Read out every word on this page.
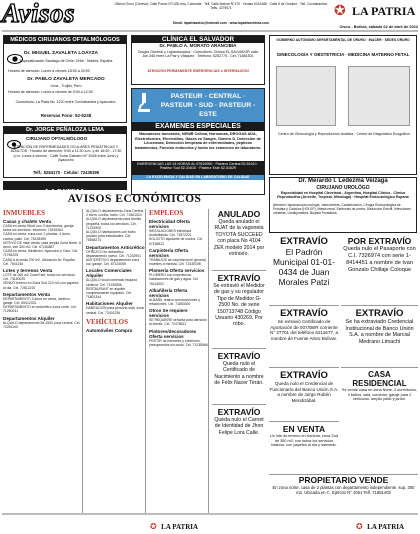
Avisos	Oficina Oruro (Central): Calle Potosí N°1430 esq. Colombia · Telf. Calle Bolívar N°470 · Ventas 5242488 · Calle 6 de Octubre · Telf. Cochabamba: Telfs. 4279571
Email: lapatriaaviso@hotmail.com · www.lapatriaenlinea.com
✪ LA PATRIA
Oruro - Bolivia, sábado 02 de abril de 2022
MÉDICOS CIRUJANOS OFTALMÓLOGOS
Dr. MIGUEL ZAVALETA LOAYZA
Especialización Santiago de Chile, Chile · Madrid, España
Horario de atención: Lunes a viernes 18:00 a 20:00
Dr. PABLO ZAVALETA MERCADO
Lima - Trujillo, Perú
Horario de atención: Lunes a viernes de 9:00 a 12:00
Consultorio: La Plata No. 1220 entre Cochabamba y Ayacucho.
Reservas Fono: 52-5238
Dr. JORGE PEÑALOZA LEMA
CIRUJANO OFTALMÓLOGO
ATENCIÓN DE ENFERMEDADES OCULARES PEDIÁTRICAS Y ADULTOS · Horario de atención: 9:00 a 11:30 a.m. y de 16:00 - 17:30 p.m. Lunes a viernes · Calle Soria Galvarro N° 6345 entre Junín y Ayacucho
Telf.: 5284170 · Celular: 72435399
LA PATRIA
CLÍNICA EL SALVADOR
Dr. PABLO A. MORATO ARANCIBIA
Cirugía General y Laparoscópica · Consultorio: Clínica EL SALVADOR calle Jun 348 entre La Paz y Vásquez · Teléfono: 5252775 - Cel: 71881501
ATENCIÓN PERMANENTE EMERGENCIAS e INTERNACIÓN
PASTEUR - CENTRAL · PASTEUR - SUD · PASTEUR - ESTE
EXÁMENES ESPECIALES
Marcadores tumorales, NEWB Cellma, Hormonas, DROGAS ADA, Electroforesis, Electrolitos, Gases en Sangre, Dímero D, Detección de Leucemias, Detección temprana de enfermedades, pépticos tratamientos, Función endocrina y todos los exámenes de laboratorio.
EMERGENCIAS LAS 24 HORAS AL 67819050 · Pasteur Central 52-51610 · Pasteur Sud 52-31610 · Pasteur Este 52-51629
LA EXCELENCIA Y CALIDAD EN LABORATORIO DE CALIDAD
GOBIERNO AUTÓNOMO DEPARTAMENTAL DE ORURO · INACER · SEDES ORURO
GINECOLOGÍA Y OBSTETRICIA · MEDICINA MATERNO FETAL
Centro de Ginecología y Reproducción Asistida · Centro de Diagnóstico Ecográfico
Dr. Merardo I. Ledezma Veizaga
CIRUJANO UROLÓGO
Especialidad en Hospital Cleveland - Argentina, Hospital Clínico - Clínica Reproductiva (Arrecife, Tropical, Miroduga) · Hospital Endourológico Espana
Atención: laparoscopía urología, vasectomías, Cauterización, Cirugía Endourológica de Próstata y Calculos (HOLEP), litiasis renal, Estenosis de uretra, Disfunción Eréctil, Infecciones urinarias, Uroflujometría, Biopsia Prostática.
AVISOS ECONÓMICOS
INMUEBLES
Casas y chalets Venta
CASA en venta 96m2 con 3 dormitorios, garaje, todos los servicios. Informes: 71839264
CASA en venta, zona sud, 2 plantas, 4 dorm, cocina, patio. Cel. 76128455
MOTIVO DE viaje vendo casa amplia Zona Norte, 8 dorm, lote 300 m2. Cel. 67154887
CASA en venta, Miraflores. Ayacucho y Caro. Cel. 71784209
CASA a la venta 700 m2. Ubicación Av. España. Cel. 7541234
Lotes y terrenos Venta
LOTE de 360 m2 Zona Este, todos los servicios. Cel. 73140025
VENDO terreno en Zona Sud 210 m2 con papeles al día. Cel. 72812210
Departamentos Venta
DEPARTAMENTO 3 dorm en venta, céntrico, garaje. Cel. 65412331
DEPARTAMENTO en anticrético zona norte. Cel. 71250041
Departamentos Alquiler
ALQUILO departamento Bs 1500 zona central. Cel. 72281140
ALQUILO departamento Zona Central, 2 dorm, cocina, baño. Cel. 71561024
ALQUILO departamento para familia pequeña, todos los servicios. Cel. 71231900
ALQUILO habitaciones con baño privado para estudiantes. Cel. 76548273
Departamentos Anticrético
OFREZCO en anticrético departamento nuevo. Cel. 71232901
ANTICRÉTICO departamento zona sur, garaje. Cel. 67124055
Locales Comerciales Alquiler
ALQUILO local comercial esquina céntrica. Cel. 71230556
RESTAURANT en alquiler completamente equipado. Cel. 71801344
Habitaciones Alquiler
HABITACIÓN para persona sola, zona central. Cel. 72401236
VEHÍCULOS
Automóviles Compra
EMPLEOS
Electricidad Oferta servicios
INSTALACIONES eléctricas domiciliarias. Cel. 71872221
SOLICITO ayudante de cocina. Cel. 67156822
Carpintería Oferta servicios
TRABAJOS de carpintería en general, muebles a medida. Cel. 72430198
Plomería Oferta servicios
PLOMERO con experiencia, instalaciones de gas y agua. Cel. 76114002
Albañilería Oferta servicios
ALBAÑIL realiza construcciones y refacciones. Cel. 71853300
Otros Se requiere servicios
SE REQUIERE señorita para atención al cliente. Cel. 72476611
Pintores/decoradores Oferta servicios
PINTOR de interiores y exteriores, presupuestos sin costo. Cel. 71235566
ANULADO
Queda anulado el RUAT de la vagoneta TOYOTA SUCCEED con placa No 4104 ZEK modelo 2014 por extravío.
EXTRAVÍO
Se extravió el Medidor de gas y su regulador Tipo de Medidor G-2500 No. de serie 150713748 Código Usuario 430269. Por robo.
EXTRAVÍO
Queda nulo el Certificado de Nacimiento a nombre de Félix Nacer Terán.
EXTRAVÍO
Queda nulo el Carnet de Identidad de Jhon Felipe Lora Calle.
EXTRAVÍO
El Padrón Municipal 01-01-0434 de Juan Morales Patzi
EXTRAVÍO
Se extravió Certificado de Aportación de 007/08/R corriente N° 27701 del teléfono 5211677, a nombre de Fuente Arteo Bolívar.
EXTRAVÍO
Queda nulo el Credencial de Funcionario del Banco Unión S.A. a nombre de Jorge Rubén Mendizábal.
POR EXTRAVÍO
Queda nulo el Pasaporte con C.I. 7326974 con serie 1-8414451 a nombre de Ivan Gonzalo Chillaje Coloque
EXTRAVÍO
Se ha extraviado Credencial Institucional de Banco Unión S.A. a nombre de Marcial Medrano Limachi
CASA RESIDENCIAL
Se vende casa en zona Norte, 4 dormitorios, 3 baños, sala, comedor, garaje para 2 vehículos, amplio patio y jardín.
EN VENTA
Un lote de terreno en Kantuta, zona Sud de 350 m2, con todos los servicios básicos, con papeles al día y saneado.
PROPIETARIO VENDE
En zona norte, casa de 2 plantas con departamento independiente, sup. 300 m2. Ubicada en C. Ejército N° 1051 Telf. 71881402
✪ LA PATRIA	✪ LA PATRIA
